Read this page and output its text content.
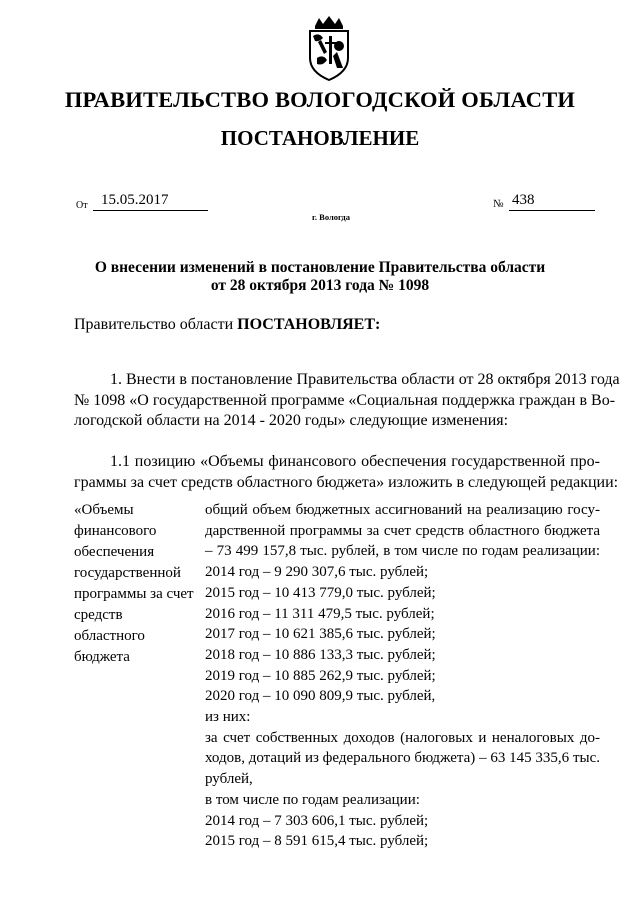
ПРАВИТЕЛЬСТВО ВОЛОГОДСКОЙ ОБЛАСТИ
ПОСТАНОВЛЕНИЕ
От 15.05.2017	№ 438
г. Вологда
О внесении изменений в постановление Правительства области
от 28 октября 2013 года № 1098
Правительство области ПОСТАНОВЛЯЕТ:
1. Внести в постановление Правительства области от 28 октября 2013 года
№ 1098 «О государственной программе «Социальная поддержка граждан в Во-
логодской области на 2014 - 2020 годы» следующие изменения:
1.1 позицию «Объемы финансового обеспечения государственной про-
граммы за счет средств областного бюджета» изложить в следующей редакции:
«Объемы
финансового
обеспечения
государственной
программы за счет
средств
областного
бюджета
общий объем бюджетных ассигнований на реализацию госу-
дарственной программы за счет средств областного бюджета
– 73 499 157,8 тыс. рублей, в том числе по годам реализации:
2014 год – 9 290 307,6 тыс. рублей;
2015 год – 10 413 779,0 тыс. рублей;
2016 год – 11 311 479,5 тыс. рублей;
2017 год – 10 621 385,6 тыс. рублей;
2018 год – 10 886 133,3 тыс. рублей;
2019 год – 10 885 262,9 тыс. рублей;
2020 год – 10 090 809,9 тыс. рублей,
из них:
за счет собственных доходов (налоговых и неналоговых до-
ходов, дотаций из федерального бюджета) – 63 145 335,6 тыс.
рублей,
в том числе по годам реализации:
2014 год – 7 303 606,1 тыс. рублей;
2015 год – 8 591 615,4 тыс. рублей;
